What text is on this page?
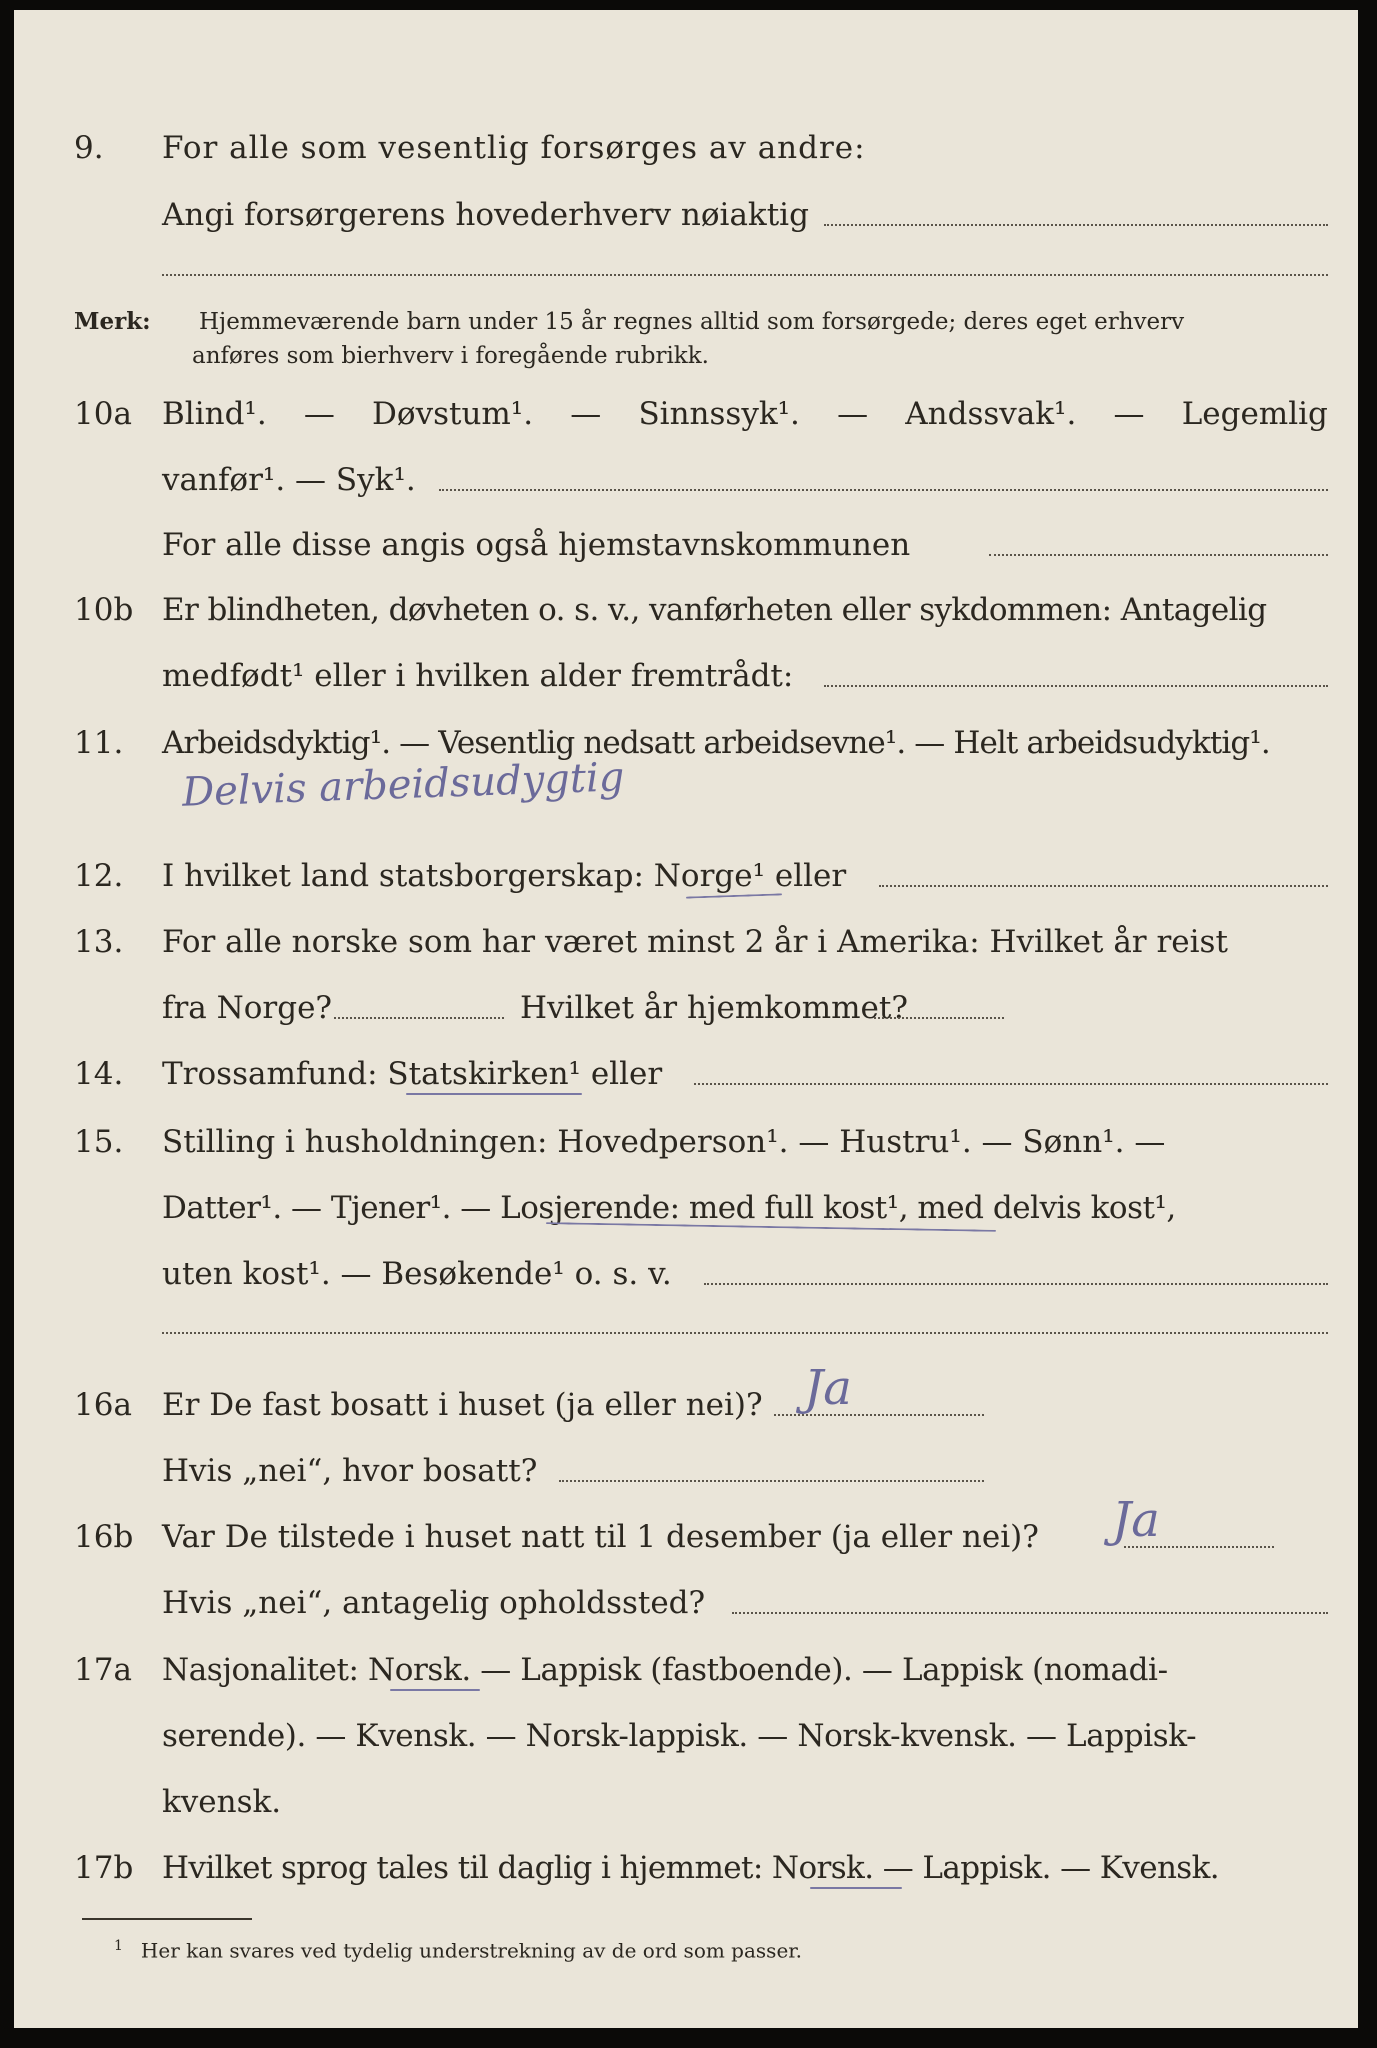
9.	For alle som vesentlig forsørges av andre:
Angi forsørgerens hovederhverv nøiaktig
Merk: Hjemmeværende barn under 15 år regnes alltid som forsørgede; deres eget erhverv
anføres som bierhverv i foregående rubrikk.
10a Blind¹. — Døvstum¹. — Sinnssyk¹. — Andssvak¹. — Legemlig
vanfør¹. — Syk¹.
For alle disse angis også hjemstavnskommunen
10b Er blindheten, døvheten o. s. v., vanførheten eller sykdommen: Antagelig
medfødt¹ eller i hvilken alder fremtrådt:
11.	Arbeidsdyktig¹. — Vesentlig nedsatt arbeidsevne¹. — Helt arbeidsudyktig¹.
Delvis arbeidsudygtig
12.	I hvilket land statsborgerskap: Norge¹ eller
13.	For alle norske som har været minst 2 år i Amerika: Hvilket år reist
fra Norge?	Hvilket år hjemkommet?
14.	Trossamfund: Statskirken¹ eller
15.	Stilling i husholdningen: Hovedperson¹. — Hustru¹. — Sønn¹. —
Datter¹. — Tjener¹. — Losjerende: med full kost¹, med delvis kost¹,
uten kost¹. — Besøkende¹ o. s. v.
16a Er De fast bosatt i huset (ja eller nei)? Ja
Hvis „nei“, hvor bosatt?
16b Var De tilstede i huset natt til 1 desember (ja eller nei)? Ja
Hvis „nei“, antagelig opholdssted?
17a Nasjonalitet: Norsk. — Lappisk (fastboende). — Lappisk (nomadi-
serende). — Kvensk. — Norsk-lappisk. — Norsk-kvensk. — Lappisk-
kvensk.
17b Hvilket sprog tales til daglig i hjemmet: Norsk. — Lappisk. — Kvensk.
$^1$ Her kan svares ved tydelig understrekning av de ord som passer.
